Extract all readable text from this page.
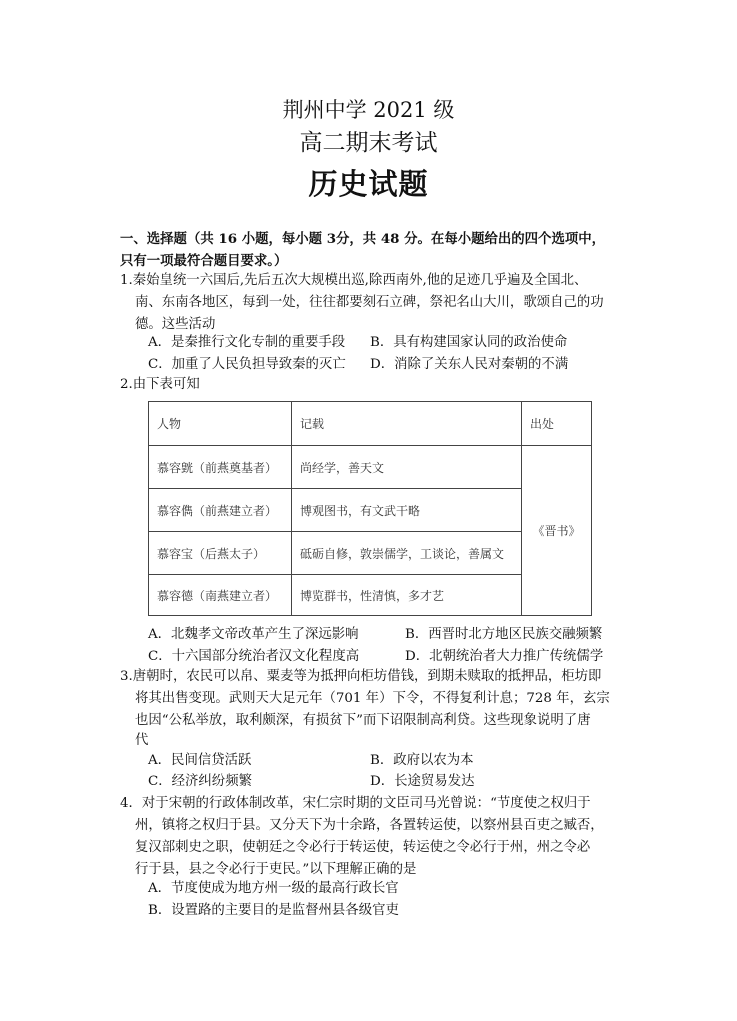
荆州中学 2021 级
高二期末考试
历史试题
一、选择题（共 16 小题，每小题 3分，共 48 分。在每小题给出的四个选项中，
只有一项最符合题目要求。）
1.秦始皇统一六国后,先后五次大规模出巡,除西南外,他的足迹几乎遍及全国北、
南、东南各地区，每到一处，往往都要刻石立碑，祭祀名山大川，歌颂自己的功
德。这些活动
A．是秦推行文化专制的重要手段 B．具有构建国家认同的政治使命
C．加重了人民负担导致秦的灭亡 D．消除了关东人民对秦朝的不满
2.由下表可知
人物	记载	出处
慕容皝（前燕奠基者）	尚经学，善天文	《晋书》
慕容儁（前燕建立者）	博观图书，有文武干略	
慕容宝（后燕太子）	砥砺自修，敦崇儒学，工谈论，善属文	
慕容德（南燕建立者）	博览群书，性清慎，多才艺	
A．北魏孝文帝改革产生了深远影响	B．西晋时北方地区民族交融频繁
C．十六国部分统治者汉文化程度高	D．北朝统治者大力推广传统儒学
3.唐朝时，农民可以帛、粟麦等为抵押向柜坊借钱，到期未赎取的抵押品，柜坊即
将其出售变现。武则天大足元年（701 年）下令，不得复利计息；728 年，玄宗
也因“公私举放，取利颇深，有损贫下”而下诏限制高利贷。这些现象说明了唐
代
A．民间信贷活跃	B．政府以农为本
C．经济纠纷频繁	D．长途贸易发达
4．对于宋朝的行政体制改革，宋仁宗时期的文臣司马光曾说：“节度使之权归于
州，镇将之权归于县。又分天下为十余路，各置转运使，以察州县百吏之臧否，
复汉部刺史之职，使朝廷之令必行于转运使，转运使之令必行于州，州之令必
行于县，县之令必行于吏民。”以下理解正确的是
A．节度使成为地方州一级的最高行政长官
B．设置路的主要目的是监督州县各级官吏
